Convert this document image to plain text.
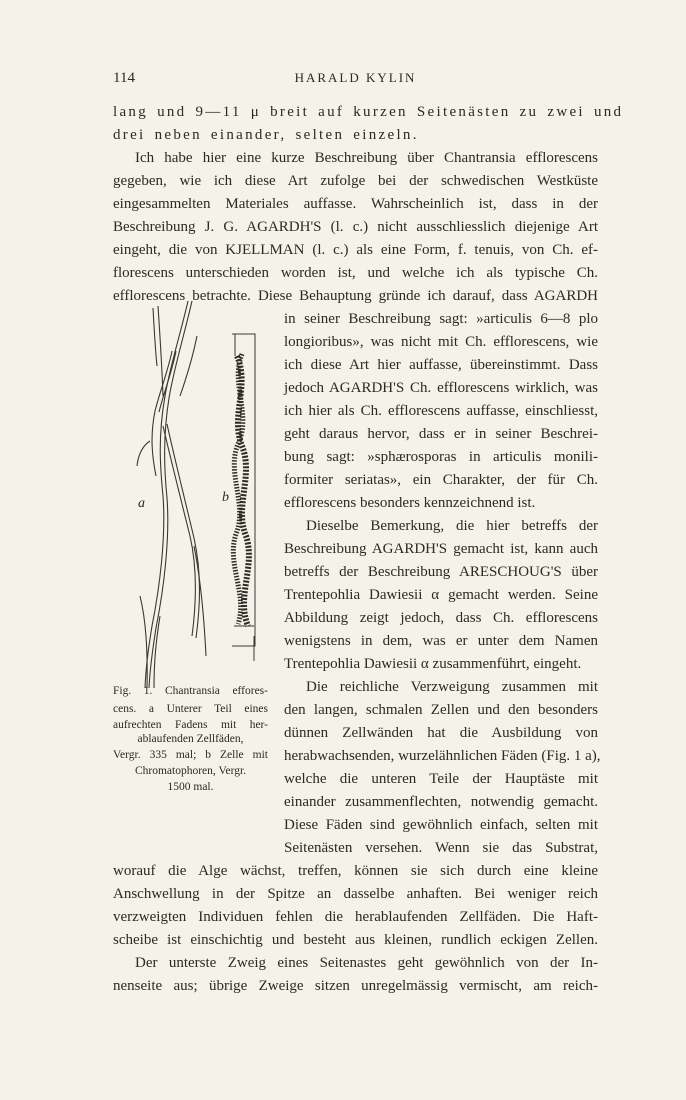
114	HARALD KYLIN
a	b
Fig. 1. Chantransia effores-
cens. a Unterer Teil eines
aufrechten Fadens mit her-
ablaufenden Zellfäden,
Vergr. 335 mal; b Zelle mit
Chromatophoren, Vergr.
1500 mal.
lang und 9—11 μ breit auf kurzen Seitenästen zu zwei und
drei neben einander, selten einzeln.
Ich habe hier eine kurze Beschreibung über Chantransia efflorescens
gegeben, wie ich diese Art zufolge bei der schwedischen Westküste
eingesammelten Materiales auffasse. Wahrscheinlich ist, dass in der
Beschreibung J. G. AGARDH'S (l. c.) nicht ausschliesslich diejenige Art
eingeht, die von KJELLMAN (l. c.) als eine Form, f. tenuis, von Ch. ef-
florescens unterschieden worden ist, und welche ich als typische Ch.
efflorescens betrachte. Diese Behauptung gründe ich darauf, dass AGARDH
in seiner Beschreibung sagt: »articulis 6—8 plo
longioribus», was nicht mit Ch. efflorescens, wie
ich diese Art hier auffasse, übereinstimmt. Dass
jedoch AGARDH'S Ch. efflorescens wirklich, was
ich hier als Ch. efflorescens auffasse, einschliesst,
geht daraus hervor, dass er in seiner Beschrei-
bung sagt: »sphærosporas in articulis monili-
formiter seriatas», ein Charakter, der für Ch.
efflorescens besonders kennzeichnend ist.
Dieselbe Bemerkung, die hier betreffs der
Beschreibung AGARDH'S gemacht ist, kann auch
betreffs der Beschreibung ARESCHOUG'S über
Trentepohlia Dawiesii α gemacht werden. Seine
Abbildung zeigt jedoch, dass Ch. efflorescens
wenigstens in dem, was er unter dem Namen
Trentepohlia Dawiesii α zusammenführt, eingeht.
Die reichliche Verzweigung zusammen mit
den langen, schmalen Zellen und den besonders
dünnen Zellwänden hat die Ausbildung von
herabwachsenden, wurzelähnlichen Fäden (Fig. 1 a),
welche die unteren Teile der Hauptäste mit
einander zusammenflechten, notwendig gemacht.
Diese Fäden sind gewöhnlich einfach, selten mit
Seitenästen versehen. Wenn sie das Substrat,
worauf die Alge wächst, treffen, können sie sich durch eine kleine
Anschwellung in der Spitze an dasselbe anhaften. Bei weniger reich
verzweigten Individuen fehlen die herablaufenden Zellfäden. Die Haft-
scheibe ist einschichtig und besteht aus kleinen, rundlich eckigen Zellen.
Der unterste Zweig eines Seitenastes geht gewöhnlich von der In-
nenseite aus; übrige Zweige sitzen unregelmässig vermischt, am reich-
